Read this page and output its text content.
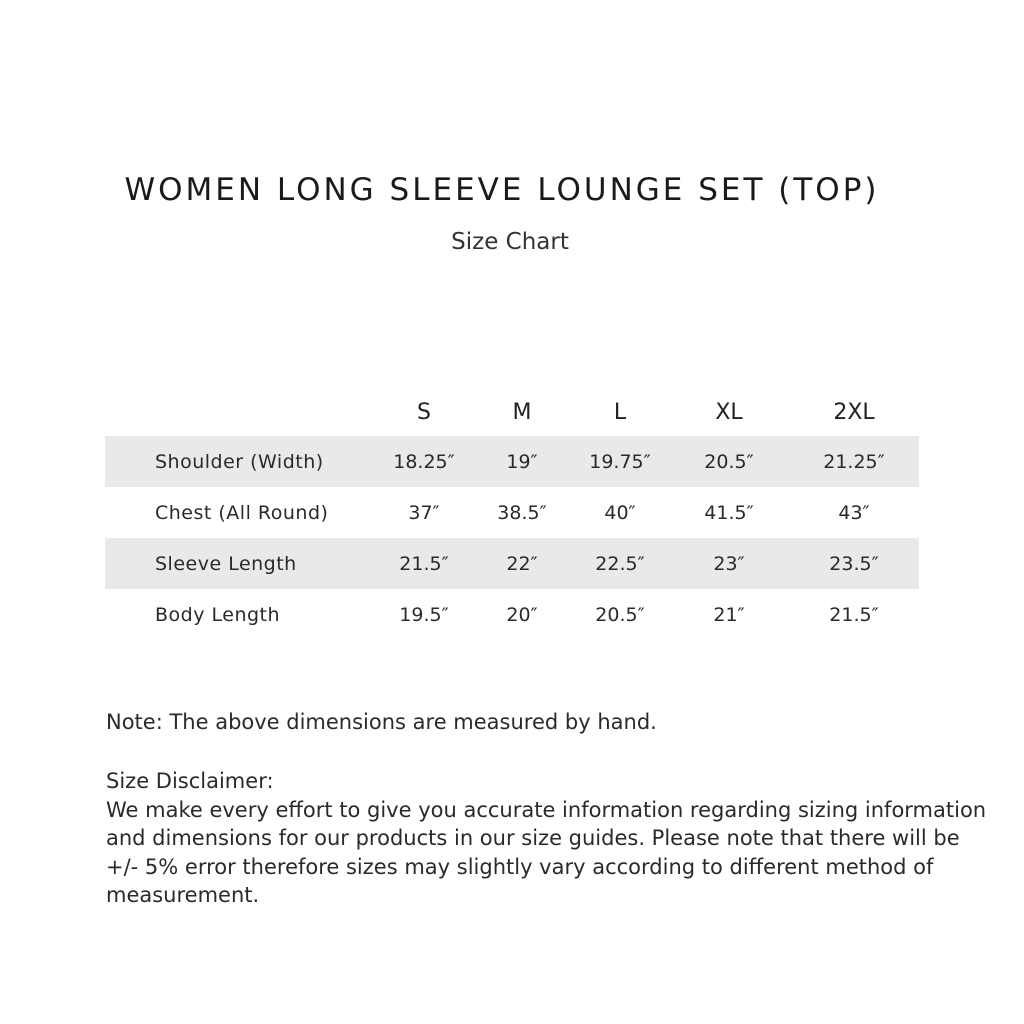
WOMEN LONG SLEEVE LOUNGE SET (TOP)
Size Chart
	S	M	L	XL	2XL
Shoulder (Width)	18.25″	19″	19.75″	20.5″	21.25″
Chest (All Round)	37″	38.5″	40″	41.5″	43″
Sleeve Length	21.5″	22″	22.5″	23″	23.5″
Body Length	19.5″	20″	20.5″	21″	21.5″
Note: The above dimensions are measured by hand.
Size Disclaimer:
We make every effort to give you accurate information regarding sizing information and dimensions for our products in our size guides. Please note that there will be +/- 5% error therefore sizes may slightly vary according to different method of measurement.
